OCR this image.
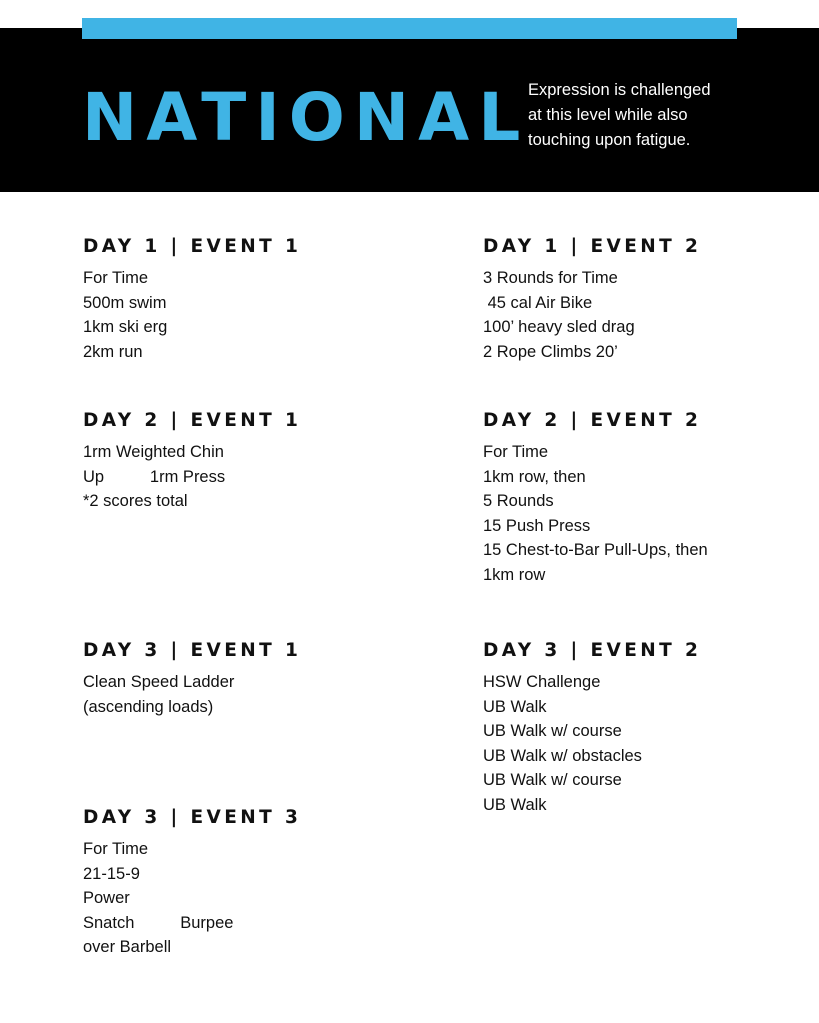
NATIONAL
Expression is challenged
at this level while also
touching upon fatigue.
DAY 1 | EVENT 1
For Time
500m swim
1km ski erg
2km run
DAY 1 | EVENT 2
3 Rounds for Time
45 cal Air Bike
100’ heavy sled drag
2 Rope Climbs 20’
DAY 2 | EVENT 1
1rm Weighted Chin
Up          1rm Press
*2 scores total
DAY 2 | EVENT 2
For Time
1km row, then
5 Rounds
15 Push Press
15 Chest-to-Bar Pull-Ups, then
1km row
DAY 3 | EVENT 1
Clean Speed Ladder
(ascending loads)
DAY 3 | EVENT 2
HSW Challenge
UB Walk
UB Walk w/ course
UB Walk w/ obstacles
UB Walk w/ course
UB Walk
DAY 3 | EVENT 3
For Time
21-15-9
Power
Snatch          Burpee
over Barbell
